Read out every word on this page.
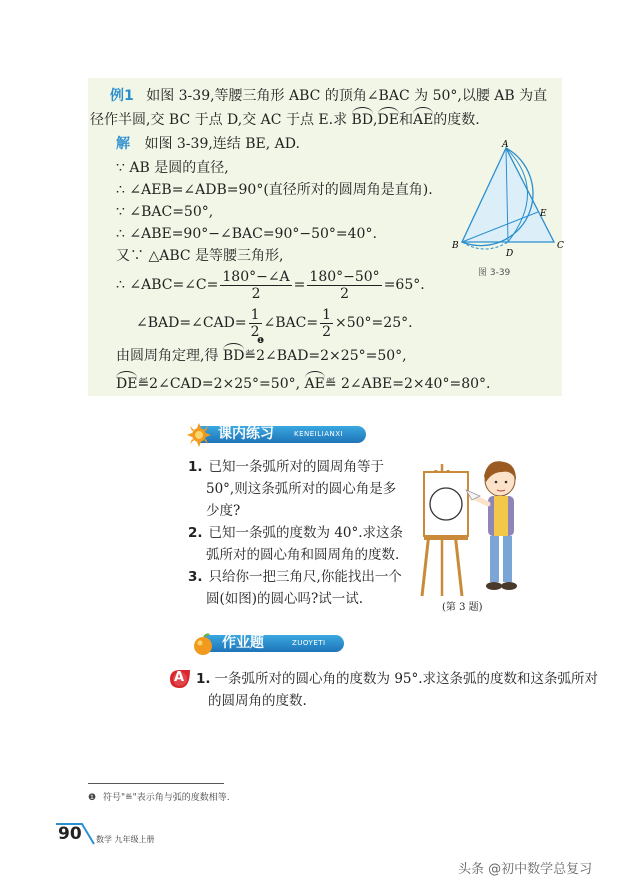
例1 如图 3-39,等腰三角形 ABC 的顶角∠BAC 为 50°,以腰 AB 为直
径作半圆,交 BC 于点 D,交 AC 于点 E.求 BD,DE和AE的度数.
解 如图 3-39,连结 BE, AD.
∵ AB 是圆的直径,
∴ ∠AEB=∠ADB=90°(直径所对的圆周角是直角).
∵ ∠BAC=50°,
∴ ∠ABE=90°−∠BAC=90°−50°=40°.
又∵ △ABC 是等腰三角形,
∴ ∠ABC=∠C= $\frac{180^\circ-\angle A}{2} = \frac{180^\circ-50^\circ}{2} =65^\circ$.
∠BAD=∠CAD= $\frac{1}{2}$ ∠BAC= $\frac{1}{2} \times 50^\circ=25^\circ$.
由圆周角定理,得 BD≝2∠BAD=2×25°=50°,
❶
DE≝2∠CAD=2×25°=50°, AE≝ 2∠ABE=2×40°=80°.
A
B	C
D
E
图 3-39
课内练习	KENEILIANXI
1. 已知一条弧所对的圆周角等于
50°,则这条弧所对的圆心角是多
少度?
2. 已知一条弧的度数为 40°.求这条
弧所对的圆心角和圆周角的度数.
3. 只给你一把三角尺,你能找出一个
圆(如图)的圆心吗?试一试.
(第 3 题)
作业题	ZUOYETI
A 1. 一条弧所对的圆心角的度数为 95°.求这条弧的度数和这条弧所对
的圆周角的度数.
❶ 符号"≝"表示角与弧的度数相等.
90 数学 九年级上册
头条 @初中数学总复习
